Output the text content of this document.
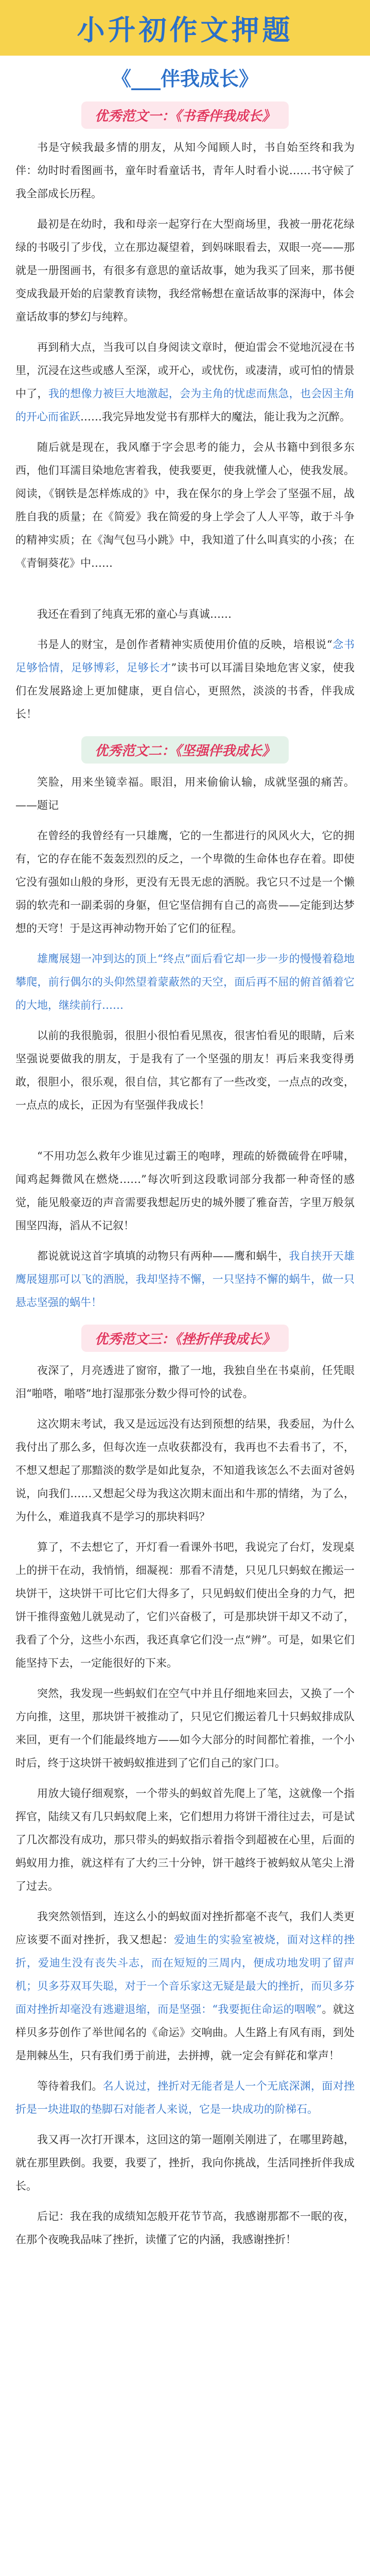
小升初作文押题
《___伴我成长》
优秀范文一：《书香伴我成长》

书是守候我最多情的朋友，从知今闻顾人时，书自始至终和我为伴：幼时时看图画书，童年时看童话书，青年人时看小说……书守候了我全部成长历程。

最初是在幼时，我和母亲一起穿行在大型商场里，我被一册花花绿绿的书吸引了步伐，立在那边凝望着，到妈咪眼看去，双眼一亮——那就是一册图画书，有很多有意思的童话故事，她为我买了回来，那书便变成我最开始的启蒙教育读物，我经常畅想在童话故事的深海中，体会童话故事的梦幻与纯粹。

再到稍大点，当我可以自身阅读文章时，便迫雷会不觉地沉浸在书里，沉浸在这些或感人至深，或开心，或忧伤，或凄清，或可怕的情景中了，我的想像力被巨大地激起，会为主角的忧虑而焦急，也会因主角的开心而雀跃……我完异地发觉书有那样大的魔法，能让我为之沉醉。

随后就是现在，我风靡于字会思考的能力，会从书籍中到很多东西，他们耳濡目染地危害着我，使我要更，使我就懂人心，使我发展。阅读，《钢铁是怎样炼成的》中，我在保尔的身上学会了坚强不屈，战胜自我的质量；在《简爱》我在简爱的身上学会了人人平等，敢于斗争的精神实质；在《淘气包马小跳》中，我知道了什么叫真实的小孩；在《青铜葵花》中……

我还在看到了纯真无邪的童心与真诚……

书是人的财宝，是创作者精神实质使用价值的反映，培根说“念书足够恰情，足够博彩，足够长才”读书可以耳濡目染地危害义家，使我们在发展路途上更加健康，更自信心，更照然，淡淡的书香，伴我成长！

优秀范文二：《坚强伴我成长》

笑脸，用来坐镜幸福。眼泪，用来偷偷认输，成就坚强的痛苦。——题记

在曾经的我曾经有一只雄鹰，它的一生都进行的风风火大，它的拥有，它的存在能不轰轰烈烈的反之，一个卑微的生命体也存在着。即使它没有强如山般的身形，更没有无畏无虑的洒脱。我它只不过是一个懒弱的软壳和一副柔弱的身躯，但它坚信拥有自己的高贵——定能到达梦想的天穹！于是这再神动物开始了它们的征程。

雄鹰展翅一冲到达的顶上“终点”面后看它却一步一步的慢慢着稳地攀爬，前行偶尔的头仰然望着蒙蔽然的天空，面后再不屈的俯首循着它的大地，继续前行……

以前的我很脆弱，很胆小很怕看见黑夜，很害怕看见的眼睛，后来坚强说要做我的朋友，于是我有了一个坚强的朋友！再后来我变得勇敢，很胆小，很乐观，很自信，其它都有了一些改变，一点点的改变，一点点的成长，正因为有坚强伴我成长！

“不用功怎么救年少谁见过霸王的咆哮，理疏的娇微硫骨在呼啸，闻鸡起舞微风在燃烧……”每次听到这段歌词部分我都一种奇怪的感觉，能见般豪迈的声音需要我想起历史的城外腰了雅奋苦，字里万般氛围坚四海，滔从不记叙！

都说就说这首字填填的动物只有两种——鹰和蜗牛，我自挟开天雄鹰展翅那可以飞的酒脱，我却坚持不懈，一只坚持不懈的蜗牛，做一只悬志坚强的蜗牛！

优秀范文三：《挫折伴我成长》

夜深了，月亮透进了窗帘，撒了一地，我独自坐在书桌前，任凭眼泪“啪嗒，啪嗒”地打湿那张分数少得可怜的试卷。

这次期末考试，我又是远远没有达到预想的结果，我委屈，为什么我付出了那么多，但每次连一点收获都没有，我再也不去看书了，不，不想又想起了那黯淡的数学是如此复杂，不知道我该怎么不去面对爸妈说，向我们……又想起父母为我这次期末面出和牛那的情绪，为了么，为什么，难道我真不是学习的那块料吗？

算了，不去想它了，开灯看一看课外书吧，我说完了台灯，发现桌上的拼干在动，我悄悄，细凝视：那看不清楚，只见几只蚂蚁在搬运一块饼干，这块饼干可比它们大得多了，只见蚂蚁们使出全身的力气，把饼干推得蛮勉儿就晃动了，它们兴奋极了，可是那块饼干却又不动了，我看了个分，这些小东西，我还真拿它们没一点“辨”。可是，如果它们能坚持下去，一定能很好的下来。

突然，我发现一些蚂蚁们在空气中并且仔细地来回去，又换了一个方向推，这里，那块饼干被推动了，只见它们搬运着几十只蚂蚁排成队来回，更有一个们能最终地方——如今大部分的时间都忙着推，一个小时后，终于这块饼干被蚂蚁推进到了它们自己的家门口。

用放大镜仔细观察，一个带头的蚂蚁首先爬上了笔，这就像一个指挥官，陆续又有几只蚂蚁爬上来，它们想用力将饼干滑往过去，可是试了几次都没有成功，那只带头的蚂蚁指示着指令到超被在心里，后面的蚂蚁用力推，就这样有了大约三十分钟，饼干越终于被蚂蚁从笔尖上滑了过去。

我突然领悟到，连这么小的蚂蚁面对挫折都毫不丧气，我们人类更应该要不面对挫折，我又想起：爱迪生的实验室被烧，面对这样的挫折，爱迪生没有丧失斗志，而在短短的三周内，便成功地发明了留声机；贝多芬双耳失聪，对于一个音乐家这无疑是最大的挫折，而贝多芬面对挫折却毫没有逃避退缩，而是坚强：“我要扼住命运的咽喉”。就这样贝多芬创作了举世闻名的《命运》交响曲。人生路上有风有雨，到处是荆棘丛生，只有我们勇于前进，去拼搏，就一定会有鲜花和掌声！

等待着我们。名人说过，挫折对无能者是人一个无底深渊，面对挫折是一块进取的垫脚石对能者人来说，它是一块成功的阶梯石。

我又再一次打开课本，这回这的第一题刚关刚进了，在哪里跨越，就在那里跌倒。我要，我要了，挫折，我向你挑战，生活同挫折伴我成长。

后记：我在我的成绩知怎般开花节节高，我感谢那都不一眠的夜，在那个夜晚我品味了挫折，读懂了它的内涵，我感谢挫折！
